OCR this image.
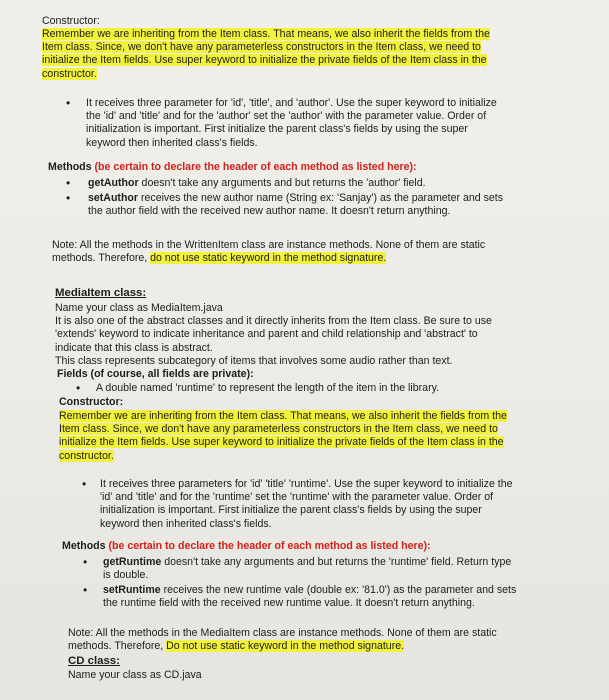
Constructor:
Remember we are inheriting from the Item class. That means, we also inherit the fields from the
Item class. Since, we don't have any parameterless constructors in the Item class, we need to
initialize the Item fields. Use super keyword to initialize the private fields of the Item class in the
constructor.
• It receives three parameter for 'id', 'title', and 'author'. Use the super keyword to initialize
the 'id' and 'title' and for the 'author' set the 'author' with the parameter value. Order of
initialization is important. First initialize the parent class's fields by using the super
keyword then inherited class's fields.
Methods (be certain to declare the header of each method as listed here):
• getAuthor doesn't take any arguments and but returns the 'author' field.
• setAuthor receives the new author name (String ex: 'Sanjay') as the parameter and sets
the author field with the received new author name. It doesn't return anything.
Note: All the methods in the WrittenItem class are instance methods. None of them are static
methods. Therefore, do not use static keyword in the method signature.
MediaItem class:
Name your class as MediaItem.java
It is also one of the abstract classes and it directly inherits from the Item class. Be sure to use
'extends' keyword to indicate inheritance and parent and child relationship and 'abstract' to
indicate that this class is abstract.
This class represents subcategory of items that involves some audio rather than text.
Fields (of course, all fields are private):
• A double named 'runtime' to represent the length of the item in the library.
Constructor:
Remember we are inheriting from the Item class. That means, we also inherit the fields from the
Item class. Since, we don't have any parameterless constructors in the Item class, we need to
initialize the Item fields. Use super keyword to initialize the private fields of the Item class in the
constructor.
• It receives three parameters for 'id' 'title' 'runtime'. Use the super keyword to initialize the
'id' and 'title' and for the 'runtime' set the 'runtime' with the parameter value. Order of
initialization is important. First initialize the parent class's fields by using the super
keyword then inherited class's fields.
Methods (be certain to declare the header of each method as listed here):
• getRuntime doesn't take any arguments and but returns the 'runtime' field. Return type
is double.
• setRuntime receives the new runtime vale (double ex: '81.0') as the parameter and sets
the runtime field with the received new runtime value. It doesn't return anything.
Note: All the methods in the MediaItem class are instance methods. None of them are static
methods. Therefore, Do not use static keyword in the method signature.
CD class:
Name your class as CD.java
